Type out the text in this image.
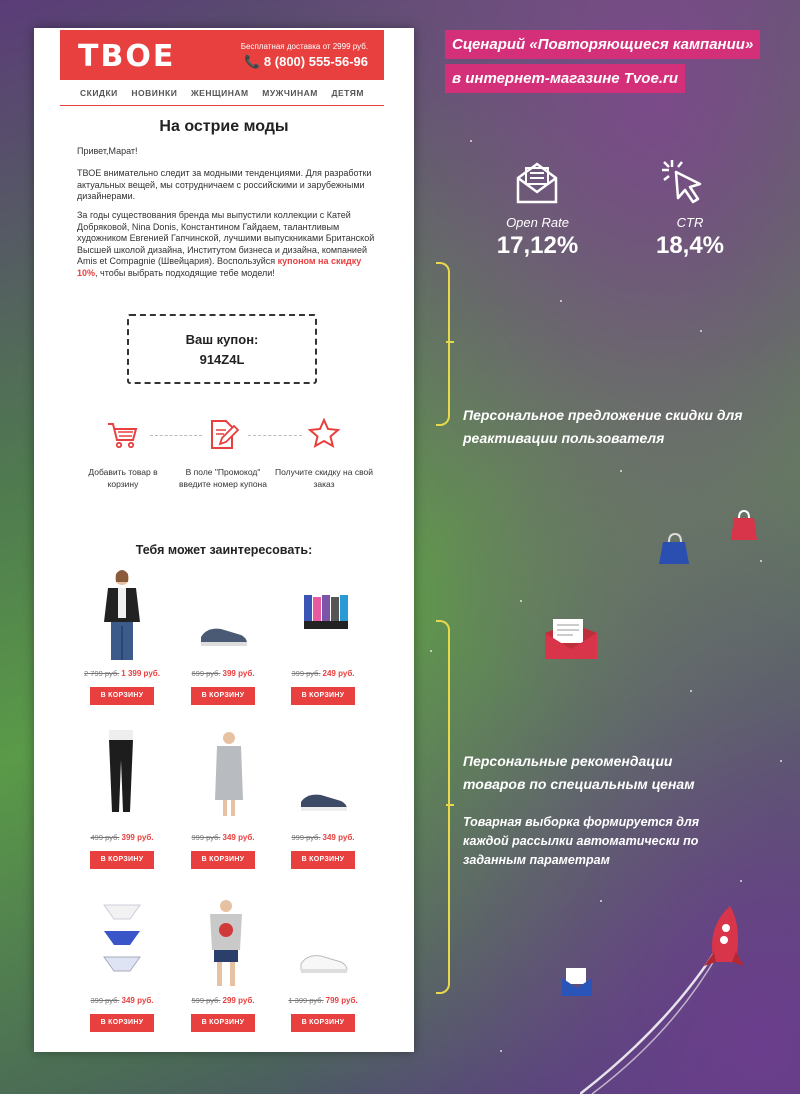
ТВОЕ	Бесплатная доставка от 2999 руб.
📞 8 (800) 555-56-96
СКИДКИ НОВИНКИ ЖЕНЩИНАМ МУЖЧИНАМ ДЕТЯМ
На острие моды
Привет,Марат!
ТВОЕ внимательно следит за модными тенденциями. Для разработки актуальных вещей, мы сотрудничаем с российскими и зарубежными дизайнерами.
За годы существования бренда мы выпустили коллекции с Катей Добряковой, Nina Donis, Константином Гайдаем, талантливым художником Евгенией Гапчинской, лучшими выпускниками Британской Высшей школой дизайна, Институтом бизнеса и дизайна, компанией Amis et Compagnie (Швейцария). Воспользуйся купоном на скидку 10%, чтобы выбрать подходящие тебе модели!
Ваш купон:
914Z4L
Добавить товар в корзину
В поле "Промокод" введите номер купона
Получите скидку на свой заказ
Тебя может заинтересовать:
2 799 руб. 1 399 руб.
В КОРЗИНУ
699 руб. 399 руб.
В КОРЗИНУ
399 руб. 249 руб.
В КОРЗИНУ
499 руб. 399 руб.
В КОРЗИНУ
999 руб. 349 руб.
В КОРЗИНУ
999 руб. 349 руб.
В КОРЗИНУ
399 руб. 349 руб.
В КОРЗИНУ
599 руб. 299 руб.
В КОРЗИНУ
1 399 руб. 799 руб.
В КОРЗИНУ
Сценарий «Повторяющиеся кампании»
в интернет-магазине Tvoe.ru
Open Rate
17,12%
CTR
18,4%
Персональное предложение скидки для реактивации пользователя
Персональные рекомендации товаров по специальным ценам
Товарная выборка формируется для каждой рассылки автоматически по заданным параметрам
